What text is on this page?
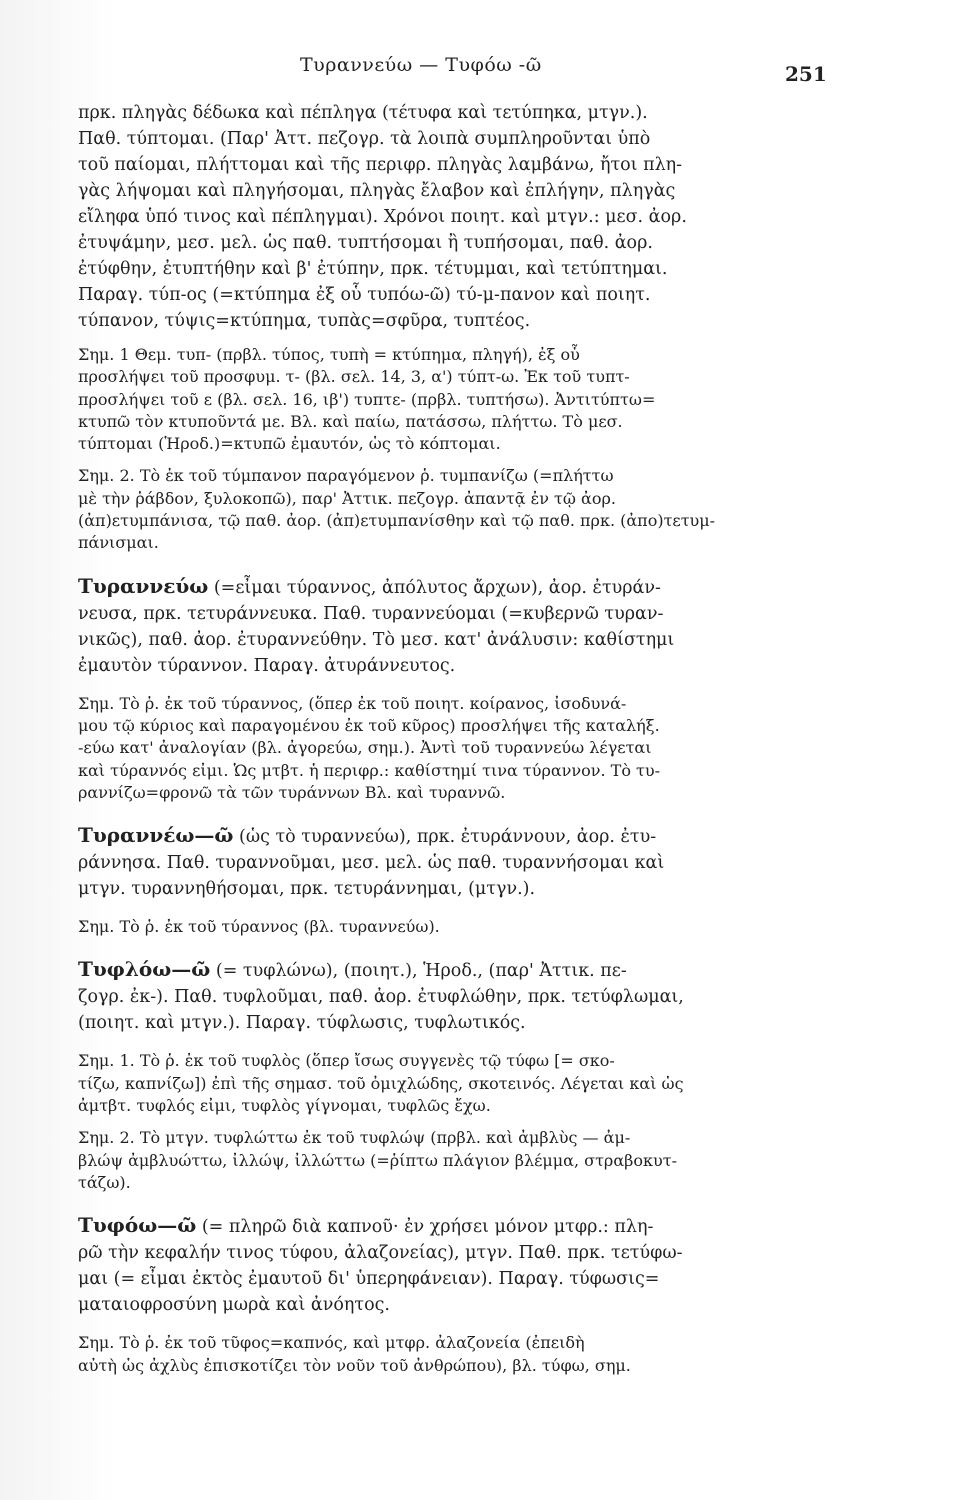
Τυραννεύω — Τυφόω -ῶ	251
πρκ. πληγὰς δέδωκα καὶ πέπληγα (τέτυφα καὶ τετύπηκα, μτγν.).
Παθ. τύπτομαι. (Παρ' Ἀττ. πεζογρ. τὰ λοιπὰ συμπληροῦνται ὑπὸ
τοῦ παίομαι, πλήττομαι καὶ τῆς περιφρ. πληγὰς λαμβάνω, ἤτοι πλη-
γὰς λήψομαι καὶ πληγήσομαι, πληγὰς ἔλαβον καὶ ἐπλήγην, πληγὰς
εἴληφα ὑπό τινος καὶ πέπληγμαι). Χρόνοι ποιητ. καὶ μτγν.: μεσ. ἀορ.
ἐτυψάμην, μεσ. μελ. ὡς παθ. τυπτήσομαι ἢ τυπήσομαι, παθ. ἀορ.
ἐτύφθην, ἐτυπτήθην καὶ β' ἐτύπην, πρκ. τέτυμμαι, καὶ τετύπτημαι.
Παραγ. τύπ-ος (=κτύπημα ἐξ οὗ τυπόω-ῶ) τύ-μ-πανον καὶ ποιητ.
τύπανον, τύψις=κτύπημα, τυπὰς=σφῦρα, τυπτέος.
Σημ. 1 Θεμ. τυπ- (πρβλ. τύπος, τυπὴ = κτύπημα, πληγή), ἐξ οὗ
προσλήψει τοῦ προσφυμ. τ- (βλ. σελ. 14, 3, α') τύπτ-ω. Ἐκ τοῦ τυπτ-
προσλήψει τοῦ ε (βλ. σελ. 16, ιβ') τυπτε- (πρβλ. τυπτήσω). Ἀντιτύπτω=
κτυπῶ τὸν κτυποῦντά με. Βλ. καὶ παίω, πατάσσω, πλήττω. Τὸ μεσ.
τύπτομαι (Ἡροδ.)=κτυπῶ ἐμαυτόν, ὡς τὸ κόπτομαι.
Σημ. 2. Τὸ ἐκ τοῦ τύμπανον παραγόμενον ῥ. τυμπανίζω (=πλήττω
μὲ τὴν ῥάβδον, ξυλοκοπῶ), παρ' Ἀττικ. πεζογρ. ἀπαντᾷ ἐν τῷ ἀορ.
(ἀπ)ετυμπάνισα, τῷ παθ. ἀορ. (ἀπ)ετυμπανίσθην καὶ τῷ παθ. πρκ. (ἀπο)τετυμ-
πάνισμαι.
Τυραννεύω (=εἶμαι τύραννος, ἀπόλυτος ἄρχων), ἀορ. ἐτυράν-
νευσα, πρκ. τετυράννευκα. Παθ. τυραννεύομαι (=κυβερνῶ τυραν-
νικῶς), παθ. ἀορ. ἐτυραννεύθην. Τὸ μεσ. κατ' ἀνάλυσιν: καθίστημι
ἐμαυτὸν τύραννον. Παραγ. ἀτυράννευτος.
Σημ. Τὸ ῥ. ἐκ τοῦ τύραννος, (ὅπερ ἐκ τοῦ ποιητ. κοίρανος, ἰσοδυνά-
μου τῷ κύριος καὶ παραγομένου ἐκ τοῦ κῦρος) προσλήψει τῆς καταλήξ.
-εύω κατ' ἀναλογίαν (βλ. ἀγορεύω, σημ.). Ἀντὶ τοῦ τυραννεύω λέγεται
καὶ τύραννός εἰμι. Ὡς μτβτ. ἡ περιφρ.: καθίστημί τινα τύραννον. Τὸ τυ-
ραννίζω=φρονῶ τὰ τῶν τυράννων Βλ. καὶ τυραννῶ.
Τυραννέω—ῶ (ὡς τὸ τυραννεύω), πρκ. ἐτυράννουν, ἀορ. ἐτυ-
ράννησα. Παθ. τυραννοῦμαι, μεσ. μελ. ὡς παθ. τυραννήσομαι καὶ
μτγν. τυραννηθήσομαι, πρκ. τετυράννημαι, (μτγν.).
Σημ. Τὸ ῥ. ἐκ τοῦ τύραννος (βλ. τυραννεύω).
Τυφλόω—ῶ (= τυφλώνω), (ποιητ.), Ἡροδ., (παρ' Ἀττικ. πε-
ζογρ. ἐκ-). Παθ. τυφλοῦμαι, παθ. ἀορ. ἐτυφλώθην, πρκ. τετύφλωμαι,
(ποιητ. καὶ μτγν.). Παραγ. τύφλωσις, τυφλωτικός.
Σημ. 1. Τὸ ῥ. ἐκ τοῦ τυφλὸς (ὅπερ ἴσως συγγενὲς τῷ τύφω [= σκο-
τίζω, καπνίζω]) ἐπὶ τῆς σημασ. τοῦ ὀμιχλώδης, σκοτεινός. Λέγεται καὶ ὡς
ἀμτβτ. τυφλός εἰμι, τυφλὸς γίγνομαι, τυφλῶς ἔχω.
Σημ. 2. Τὸ μτγν. τυφλώττω ἐκ τοῦ τυφλώψ (πρβλ. καὶ ἀμβλὺς — ἀμ-
βλώψ ἀμβλυώττω, ἰλλώψ, ἰλλώττω (=ῥίπτω πλάγιον βλέμμα, στραβοκυτ-
τάζω).
Τυφόω—ῶ (= πληρῶ διὰ καπνοῦ· ἐν χρήσει μόνον μτφρ.: πλη-
ρῶ τὴν κεφαλήν τινος τύφου, ἀλαζονείας), μτγν. Παθ. πρκ. τετύφω-
μαι (= εἶμαι ἐκτὸς ἐμαυτοῦ δι' ὑπερηφάνειαν). Παραγ. τύφωσις=
ματαιοφροσύνη μωρὰ καὶ ἀνόητος.
Σημ. Τὸ ῥ. ἐκ τοῦ τῦφος=καπνός, καὶ μτφρ. ἀλαζονεία (ἐπειδὴ
αὐτὴ ὡς ἀχλὺς ἐπισκοτίζει τὸν νοῦν τοῦ ἀνθρώπου), βλ. τύφω, σημ.
